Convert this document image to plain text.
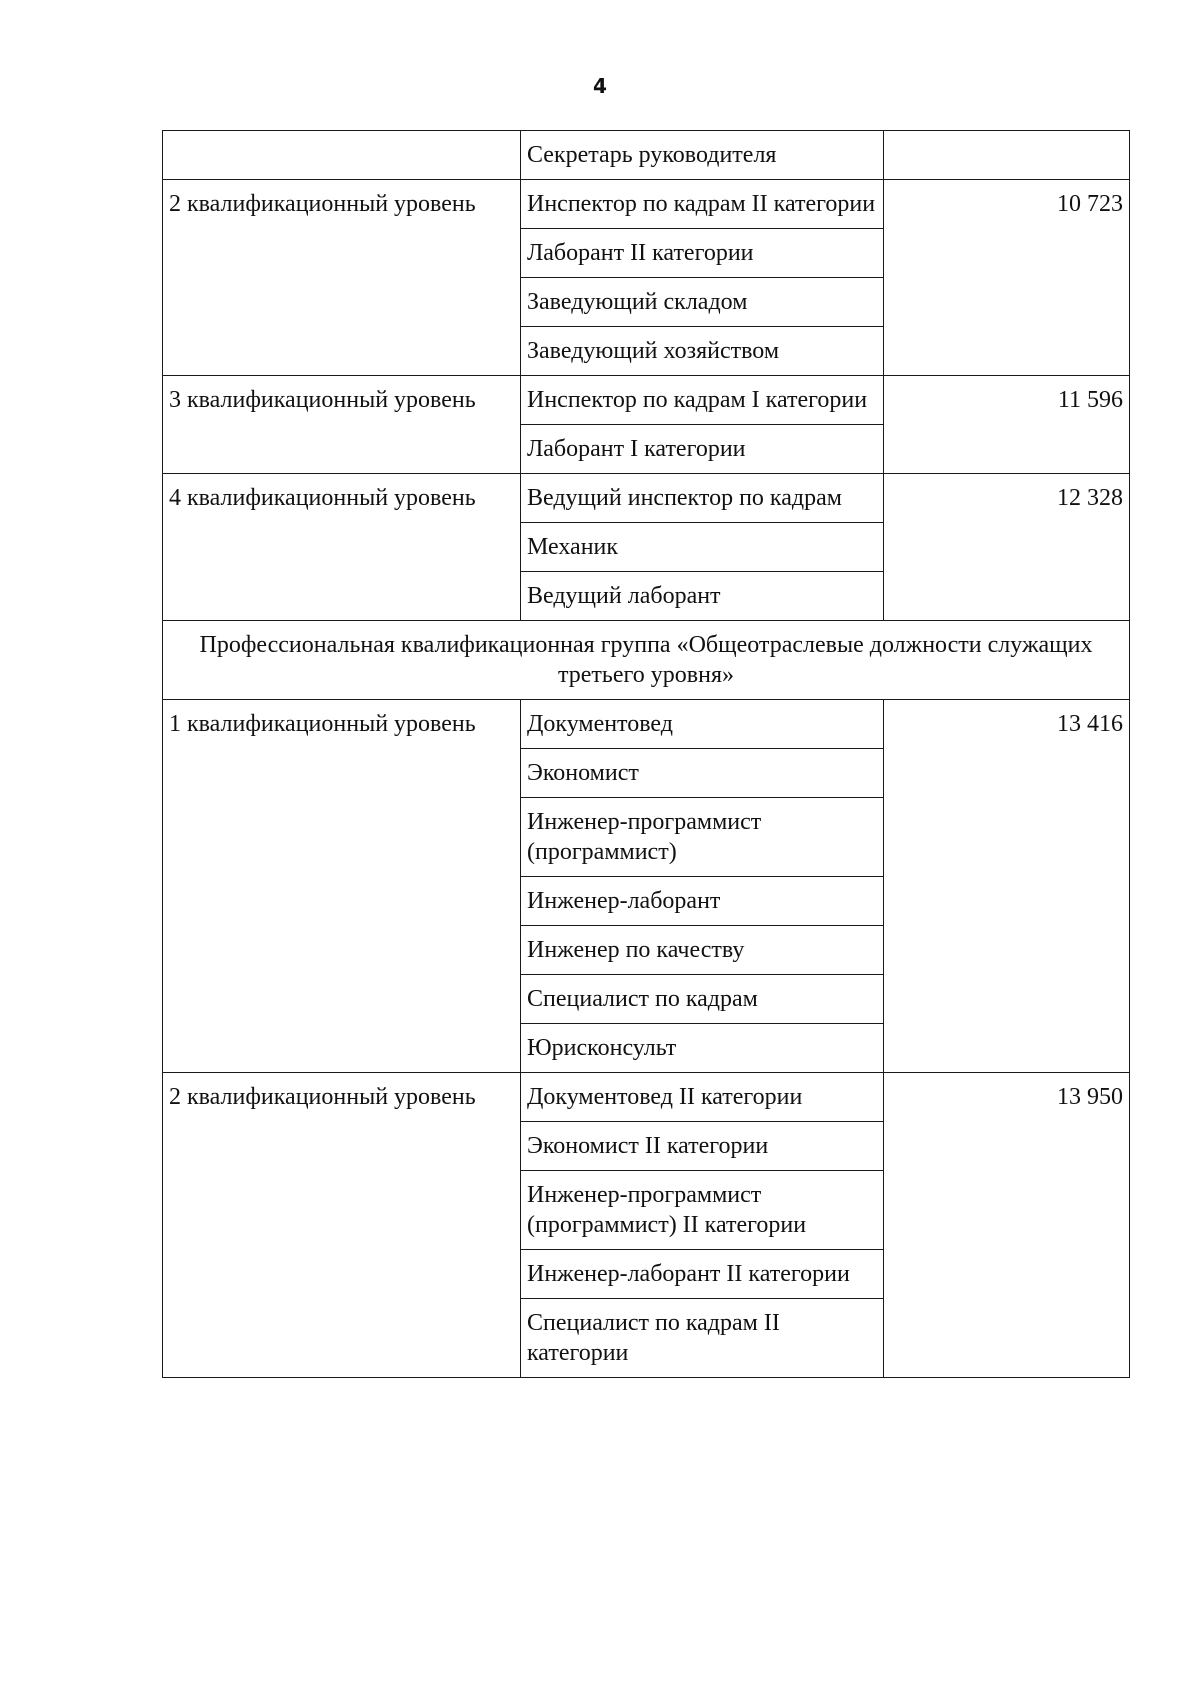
4
	Секретарь руководителя	
2 квалификационный уровень	Инспектор по кадрам II категории	10 723
	Лаборант II категории	
	Заведующий складом	
	Заведующий хозяйством	
3 квалификационный уровень	Инспектор по кадрам I категории	11 596
	Лаборант I категории	
4 квалификационный уровень	Ведущий инспектор по кадрам	12 328
	Механик	
	Ведущий лаборант	
Профессиональная квалификационная группа «Общеотраслевые должности служащих третьего уровня»		
1 квалификационный уровень	Документовед	13 416
	Экономист	
	Инженер-программист (программист)	
	Инженер-лаборант	
	Инженер по качеству	
	Специалист по кадрам	
	Юрисконсульт	
2 квалификационный уровень	Документовед II категории	13 950
	Экономист II категории	
	Инженер-программист (программист) II категории	
	Инженер-лаборант II категории	
	Специалист по кадрам II категории	
